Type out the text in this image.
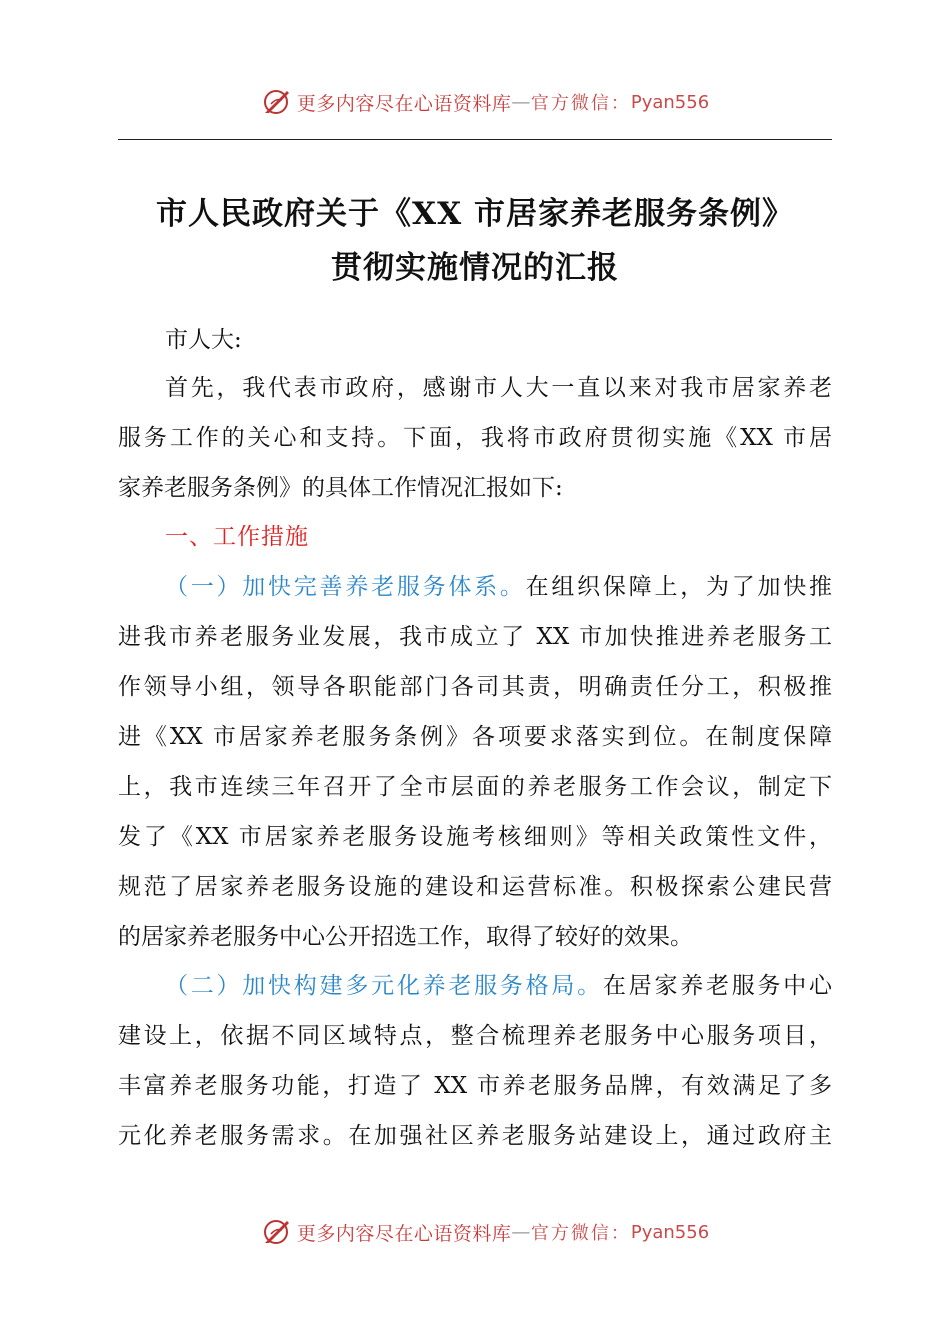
更多内容尽在心语资料库 — 官方微信： Pyan556
市人民政府关于《XX 市居家养老服务条例》
贯彻实施情况的汇报
市人大:
首先，我代表市政府，感谢市人大一直以来对我市居家养老
服务工作的关心和支持。下面，我将市政府贯彻实施《XX 市居
家养老服务条例》的具体工作情况汇报如下:
一、工作措施
（一）加快完善养老服务体系。在组织保障上，为了加快推
进我市养老服务业发展，我市成立了 XX 市加快推进养老服务工
作领导小组，领导各职能部门各司其责，明确责任分工，积极推
进《XX 市居家养老服务条例》各项要求落实到位。在制度保障
上，我市连续三年召开了全市层面的养老服务工作会议，制定下
发了《XX 市居家养老服务设施考核细则》等相关政策性文件，
规范了居家养老服务设施的建设和运营标准。积极探索公建民营
的居家养老服务中心公开招选工作，取得了较好的效果。
（二）加快构建多元化养老服务格局。在居家养老服务中心
建设上，依据不同区域特点，整合梳理养老服务中心服务项目，
丰富养老服务功能，打造了 XX 市养老服务品牌，有效满足了多
元化养老服务需求。在加强社区养老服务站建设上，通过政府主
更多内容尽在心语资料库 — 官方微信： Pyan556
